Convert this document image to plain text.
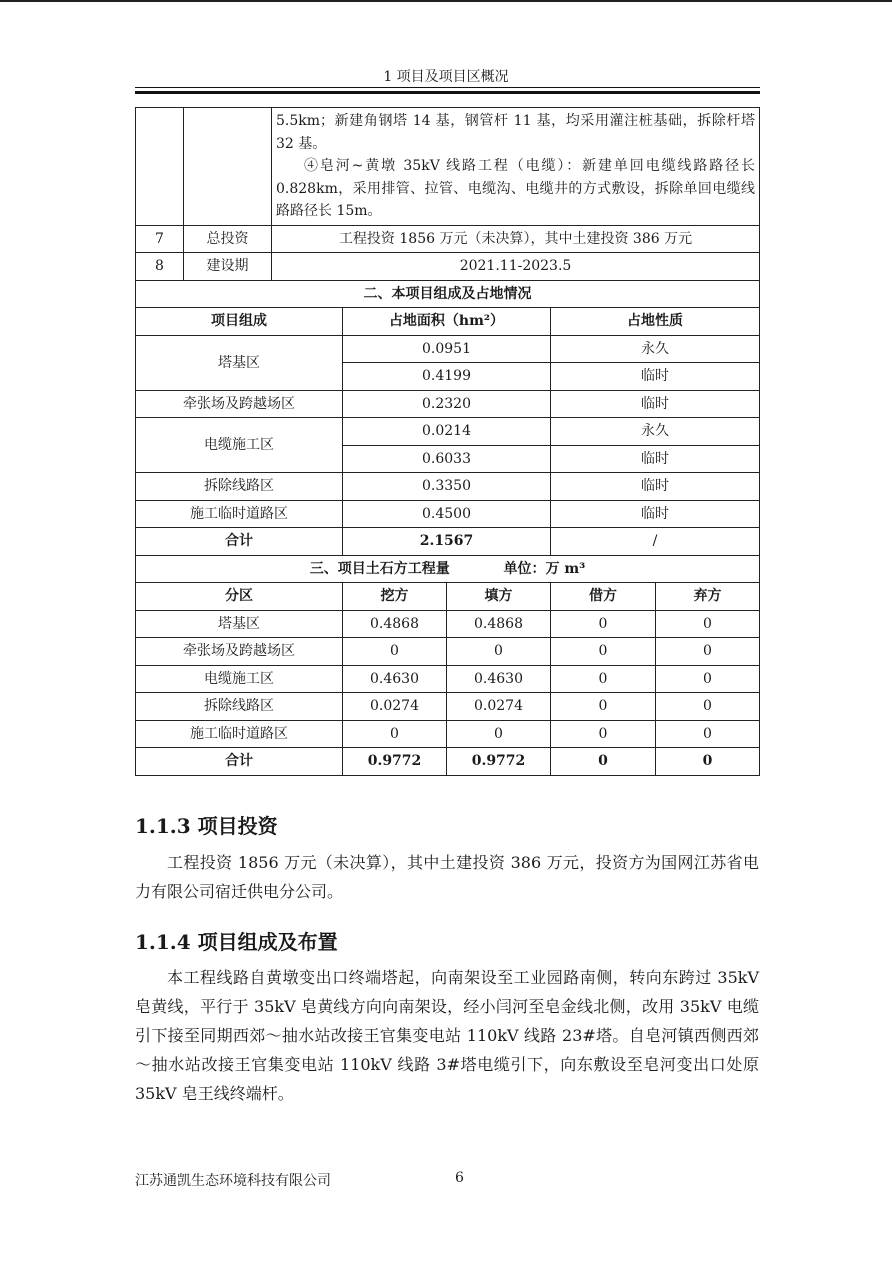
1 项目及项目区概况

		5.5km；新建角钢塔 14 基，钢管杆 11 基，均采用灌注桩基础，拆除杆塔 32 基。

④皂河~黄墩 35kV 线路工程（电缆）：新建单回电缆线路路径长 0.828km，采用排管、拉管、电缆沟、电缆井的方式敷设，拆除单回电缆线路路径长 15m。				

7	总投资	工程投资 1856 万元（未决算），其中土建投资 386 万元				
8	建设期	2021.11-2023.5				
二、本项目组成及占地情况						
项目组成			占地面积（hm²）		占地性质	
塔基区			0.0951		永久	
			0.4199		临时	
牵张场及跨越场区			0.2320		临时	
电缆施工区			0.0214		永久	
			0.6033		临时	
拆除线路区			0.3350		临时	
施工临时道路区			0.4500		临时	
合计			2.1567		/	
三、项目土石方工程量 单位：万 m³						
分区			挖方	填方	借方	弃方
塔基区			0.4868	0.4868	0	0
牵张场及跨越场区			0	0	0	0
电缆施工区			0.4630	0.4630	0	0
拆除线路区			0.0274	0.0274	0	0
施工临时道路区			0	0	0	0
合计			0.9772	0.9772	0	0
1.1.3 项目投资

工程投资 1856 万元（未决算），其中土建投资 386 万元，投资方为国网江苏省电力有限公司宿迁供电分公司。

1.1.4 项目组成及布置

本工程线路自黄墩变出口终端塔起，向南架设至工业园路南侧，转向东跨过 35kV 皂黄线，平行于 35kV 皂黄线方向向南架设，经小闫河至皂金线北侧，改用 35kV 电缆引下接至同期西郊～抽水站改接王官集变电站 110kV 线路 23#塔。自皂河镇西侧西郊～抽水站改接王官集变电站 110kV 线路 3#塔电缆引下，向东敷设至皂河变出口处原 35kV 皂王线终端杆。

江苏通凯生态环境科技有限公司	6
